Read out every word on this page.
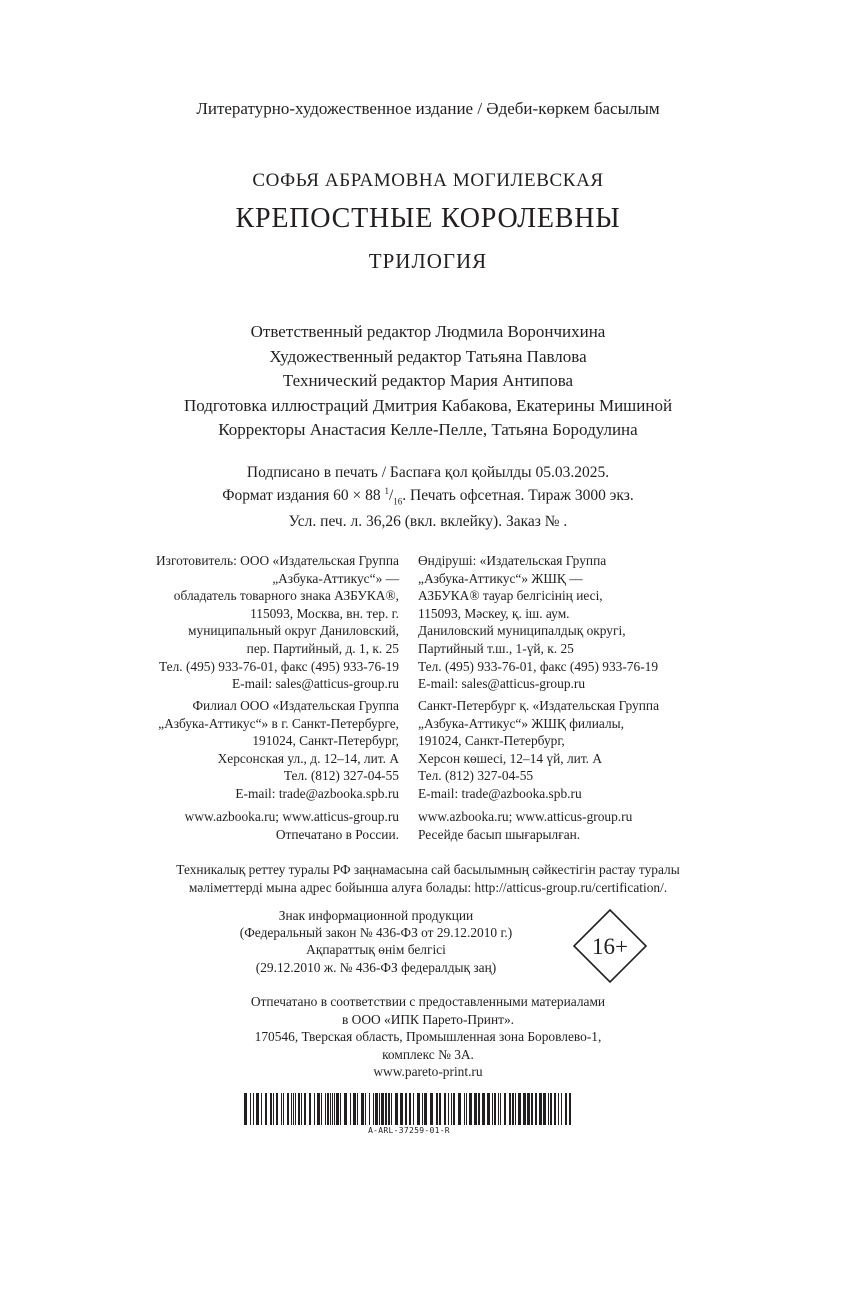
Литературно-художественное издание / Әдеби-көркем басылым
СОФЬЯ АБРАМОВНА МОГИЛЕВСКАЯ
КРЕПОСТНЫЕ КОРОЛЕВНЫ
ТРИЛОГИЯ
Ответственный редактор Людмила Ворончихина
Художественный редактор Татьяна Павлова
Технический редактор Мария Антипова
Подготовка иллюстраций Дмитрия Кабакова, Екатерины Мишиной
Корректоры Анастасия Келле-Пелле, Татьяна Бородулина
Подписано в печать / Баспаға қол қойылды 05.03.2025.
Формат издания 60 × 88 $^1/_{16}$. Печать офсетная. Тираж 3000 экз.
Усл. печ. л. 36,26 (вкл. вклейку). Заказ № .
Изготовитель: ООО «Издательская Группа
„Азбука-Аттикус“» —
обладатель товарного знака АЗБУКА®,
115093, Москва, вн. тер. г.
муниципальный округ Даниловский,
пер. Партийный, д. 1, к. 25
Тел. (495) 933-76-01, факс (495) 933-76-19
E-mail: sales@atticus-group.ru
Филиал ООО «Издательская Группа
„Азбука-Аттикус“» в г. Санкт-Петербурге,
191024, Санкт-Петербург,
Херсонская ул., д. 12–14, лит. А
Тел. (812) 327-04-55
E-mail: trade@azbooka.spb.ru
www.azbooka.ru; www.atticus-group.ru
Отпечатано в России.
Өндіруші: «Издательская Группа
„Азбука-Аттикус“» ЖШҚ —
АЗБУКА® тауар белгісінің иесі,
115093, Мәскеу, қ. іш. аум.
Даниловский муниципалдық округі,
Партийный т.ш., 1-үй, к. 25
Тел. (495) 933-76-01, факс (495) 933-76-19
E-mail: sales@atticus-group.ru
Санкт-Петербург қ. «Издательская Группа
„Азбука-Аттикус“» ЖШҚ филиалы,
191024, Санкт-Петербург,
Херсон көшесі, 12–14 үй, лит. А
Тел. (812) 327-04-55
E-mail: trade@azbooka.spb.ru
www.azbooka.ru; www.atticus-group.ru
Ресейде басып шығарылған.
Техникалық реттеу туралы РФ заңнамасына сай басылымның сәйкестігін растау туралы
мәліметтерді мына адрес бойынша алуға болады: http://atticus-group.ru/certification/.
Знак информационной продукции
(Федеральный закон № 436-ФЗ от 29.12.2010 г.)
Ақпараттық өнім белгісі
(29.12.2010 ж. № 436-ФЗ федералдық заң)
16+
Отпечатано в соответствии с предоставленными материалами
в ООО «ИПК Парето-Принт».
170546, Тверская область, Промышленная зона Боровлево-1,
комплекс № 3А.
www.pareto-print.ru
A-ARL-37259-01-R
